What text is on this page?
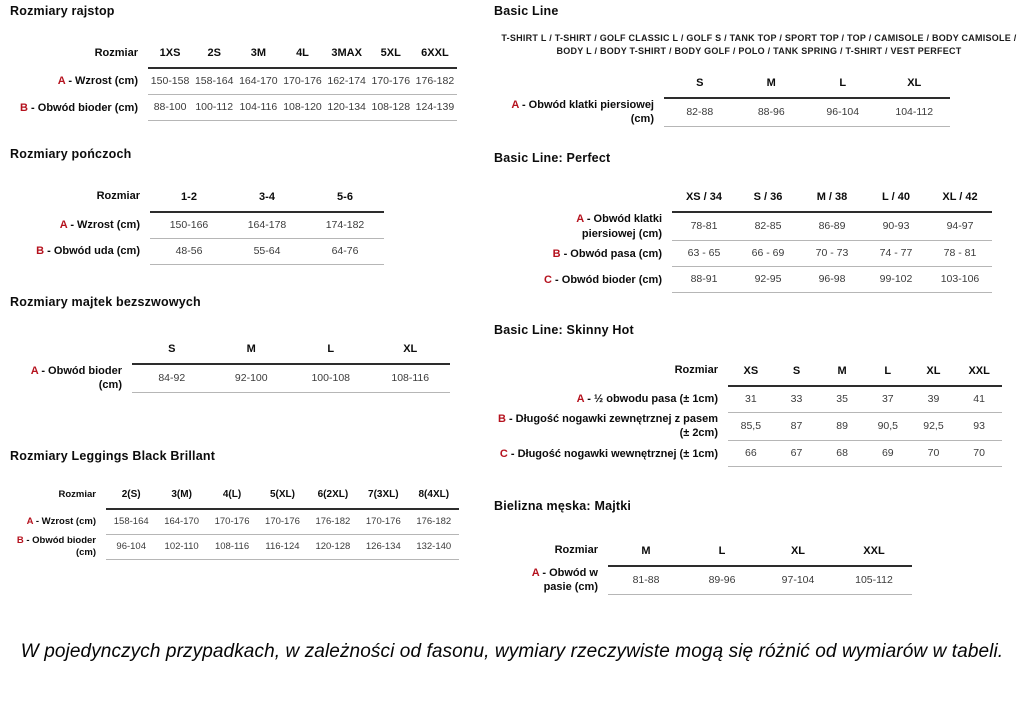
Rozmiary rajstop
Rozmiar	1XS	2S	3M	4L	3MAX	5XL	6XXL
A - Wzrost (cm)	150-158	158-164	164-170	170-176	162-174	170-176	176-182
B - Obwód bioder (cm)	88-100	100-112	104-116	108-120	120-134	108-128	124-139
Rozmiary pończoch
Rozmiar	1-2	3-4	5-6
A - Wzrost (cm)	150-166	164-178	174-182
B - Obwód uda (cm)	48-56	55-64	64-76
Rozmiary majtek bezszwowych
	S	M	L	XL
A - Obwód bioder (cm)	84-92	92-100	100-108	108-116
Rozmiary Leggings Black Brillant
Rozmiar	2(S)	3(M)	4(L)	5(XL)	6(2XL)	7(3XL)	8(4XL)
A - Wzrost (cm)	158-164	164-170	170-176	170-176	176-182	170-176	176-182
B - Obwód bioder (cm)	96-104	102-110	108-116	116-124	120-128	126-134	132-140
Basic Line

T-SHIRT L / T-SHIRT / GOLF CLASSIC L / GOLF S / TANK TOP / SPORT TOP / TOP / CAMISOLE / BODY CAMISOLE / BODY L / BODY T-SHIRT / BODY GOLF / POLO / TANK SPRING / T-SHIRT / VEST PERFECT

	S	M	L	XL
A - Obwód klatki piersiowej (cm)	82-88	88-96	96-104	104-112
Basic Line: Perfect
	XS / 34	S / 36	M / 38	L / 40	XL / 42
A - Obwód klatki piersiowej (cm)	78-81	82-85	86-89	90-93	94-97
B - Obwód pasa (cm)	63 - 65	66 - 69	70 - 73	74 - 77	78 - 81
C - Obwód bioder (cm)	88-91	92-95	96-98	99-102	103-106
Basic Line: Skinny Hot
Rozmiar	XS	S	M	L	XL	XXL
A - ½ obwodu pasa (± 1cm)	31	33	35	37	39	41
B - Długość nogawki zewnętrznej z pasem (± 2cm)	85,5	87	89	90,5	92,5	93
C - Długość nogawki wewnętrznej (± 1cm)	66	67	68	69	70	70
Bielizna męska: Majtki
Rozmiar	M	L	XL	XXL
A - Obwód w pasie (cm)	81-88	89-96	97-104	105-112

W pojedynczych przypadkach, w zależności od fasonu, wymiary rzeczywiste mogą się różnić od wymiarów w tabeli.
